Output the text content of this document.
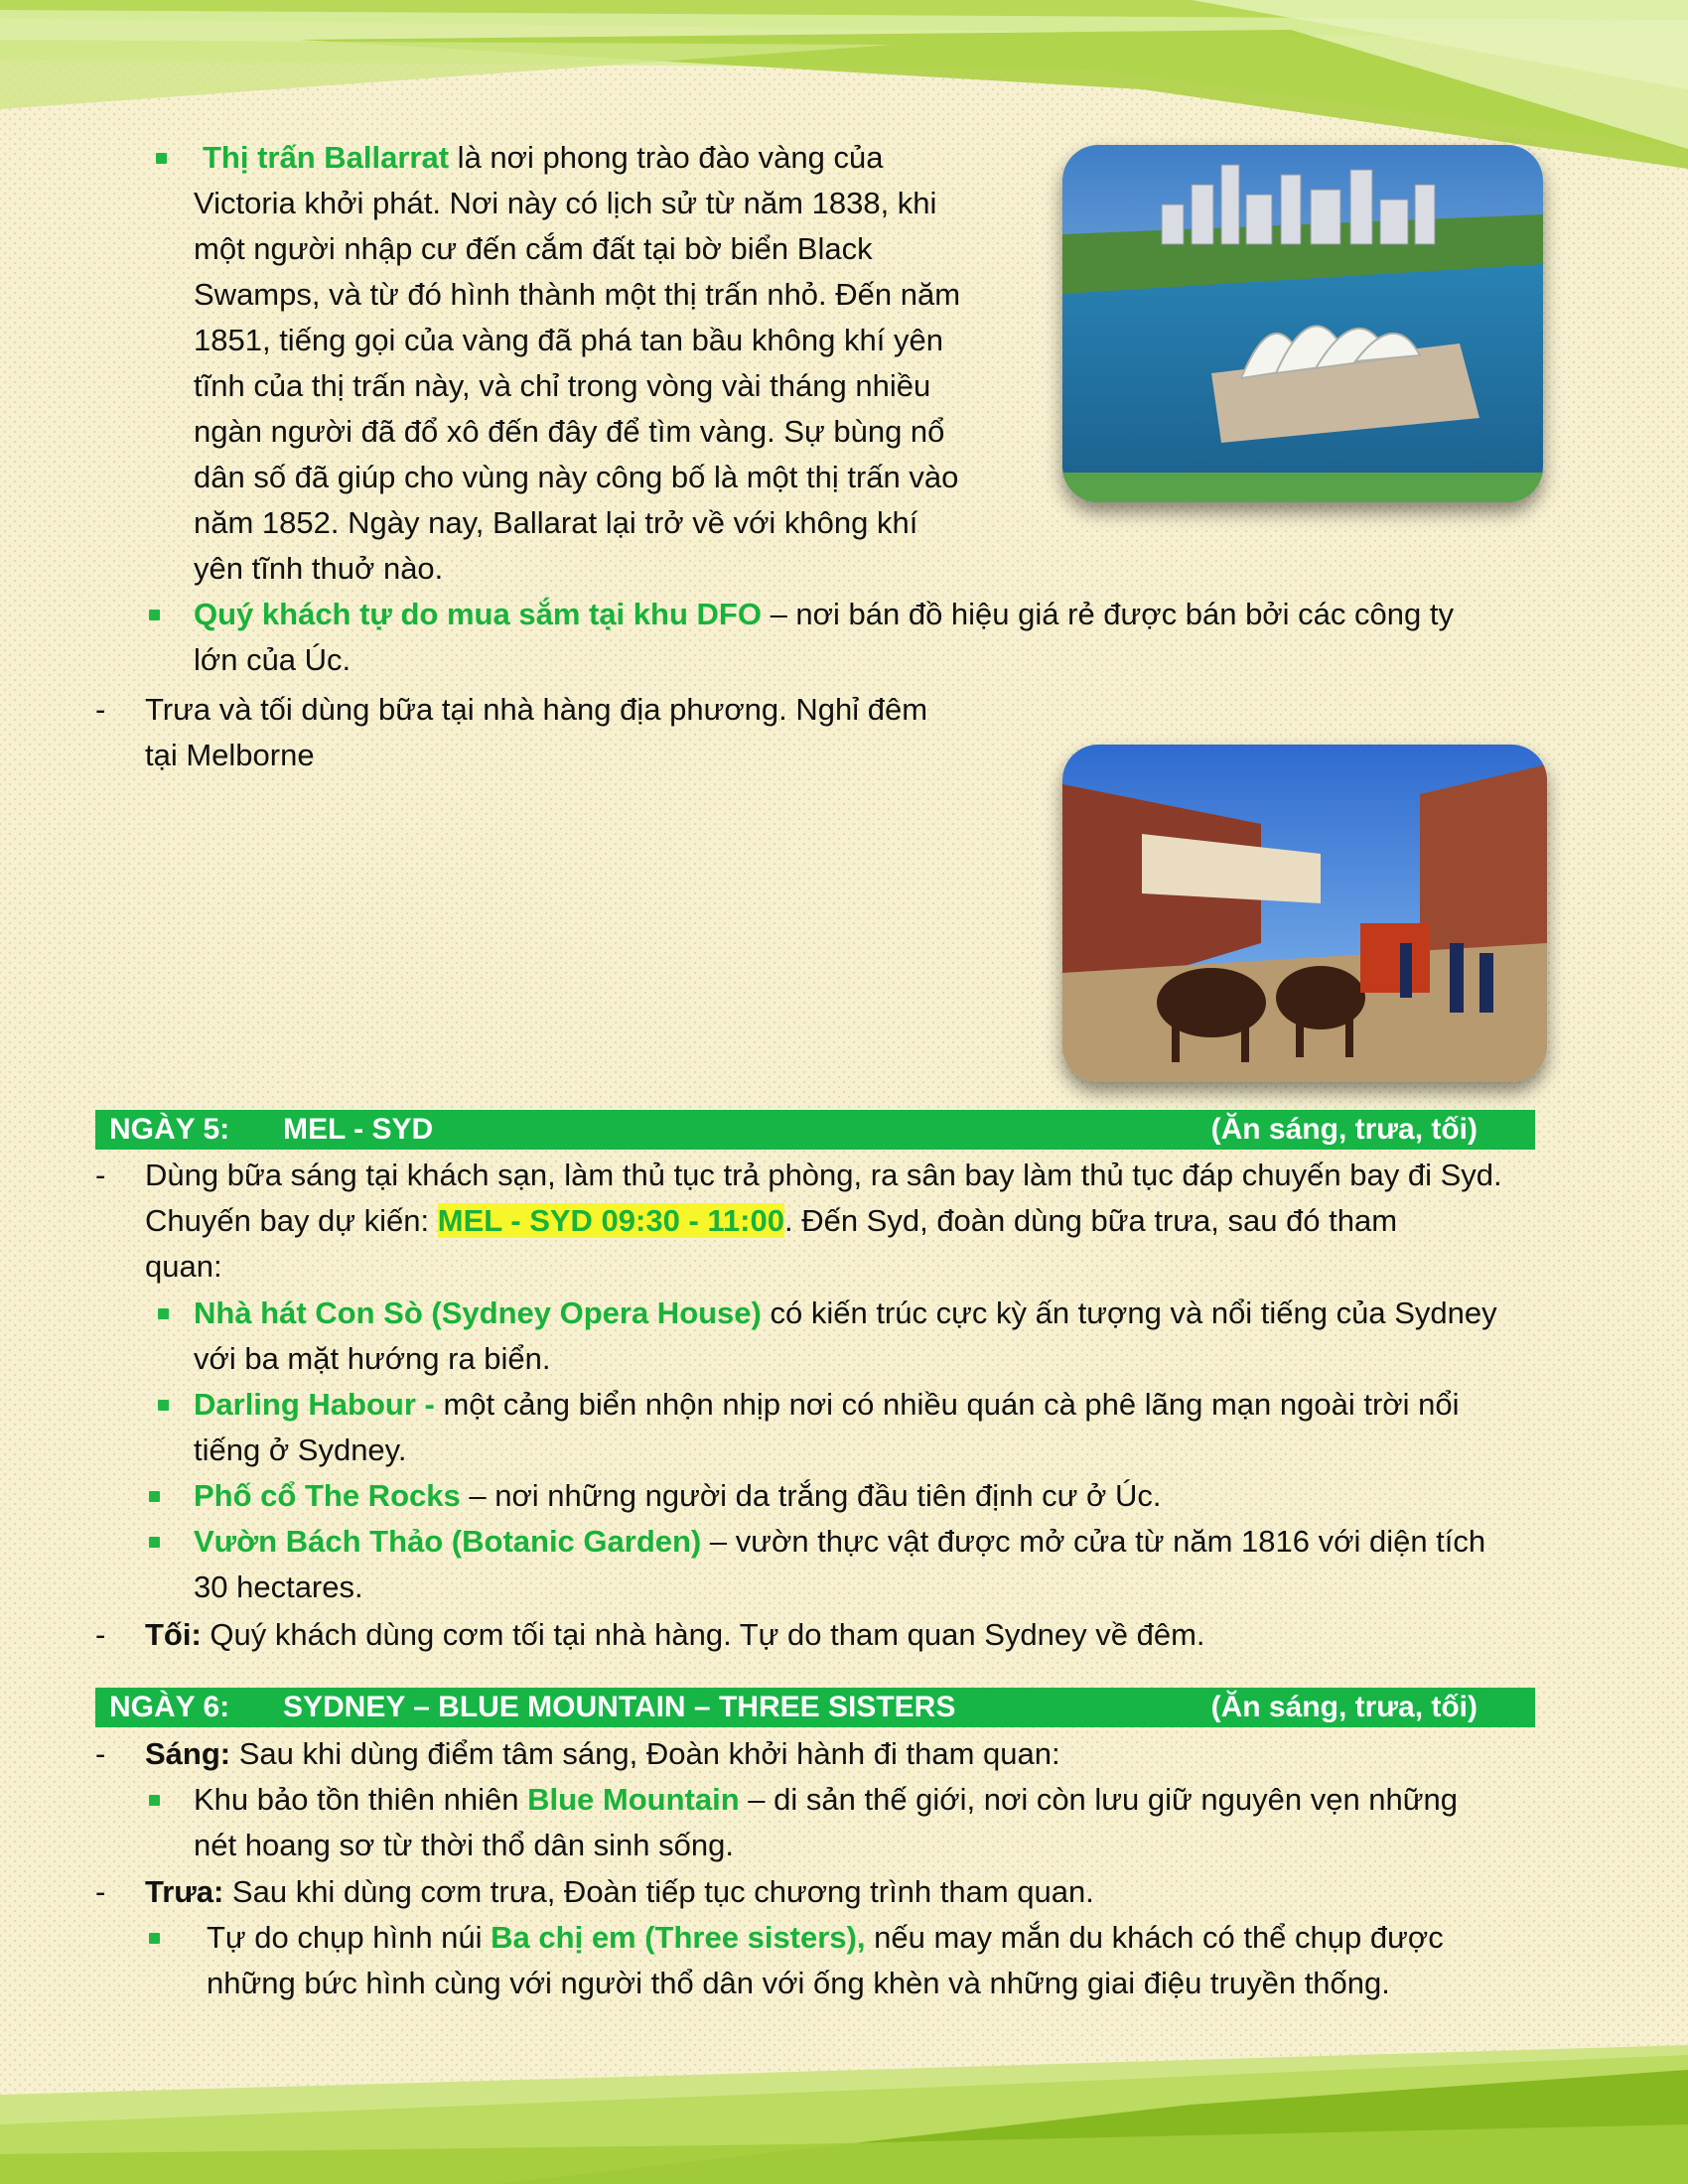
Thị trấn Ballarrat là nơi phong trào đào vàng của
Victoria khởi phát. Nơi này có lịch sử từ năm 1838, khi
một người nhập cư đến cắm đất tại bờ biển Black
Swamps, và từ đó hình thành một thị trấn nhỏ. Đến năm
1851, tiếng gọi của vàng đã phá tan bầu không khí yên
tĩnh của thị trấn này, và chỉ trong vòng vài tháng nhiều
ngàn người đã đổ xô đến đây để tìm vàng. Sự bùng nổ
dân số đã giúp cho vùng này công bố là một thị trấn vào
năm 1852. Ngày nay, Ballarat lại trở về với không khí
yên tĩnh thuở nào.
Quý khách tự do mua sắm tại khu DFO – nơi bán đồ hiệu giá rẻ được bán bởi các công ty
lớn của Úc.
- Trưa và tối dùng bữa tại nhà hàng địa phương. Nghỉ đêm
tại Melborne
NGÀY 5: MEL - SYD	(Ăn sáng, trưa, tối)
- Dùng bữa sáng tại khách sạn, làm thủ tục trả phòng, ra sân bay làm thủ tục đáp chuyến bay đi Syd.
Chuyến bay dự kiến: MEL - SYD 09:30 - 11:00. Đến Syd, đoàn dùng bữa trưa, sau đó tham
quan:
Nhà hát Con Sò (Sydney Opera House) có kiến trúc cực kỳ ấn tượng và nổi tiếng của Sydney
với ba mặt hướng ra biển.
Darling Habour - một cảng biển nhộn nhịp nơi có nhiều quán cà phê lãng mạn ngoài trời nổi
tiếng ở Sydney.
Phố cổ The Rocks – nơi những người da trắng đầu tiên định cư ở Úc.
Vườn Bách Thảo (Botanic Garden) – vườn thực vật được mở cửa từ năm 1816 với diện tích
30 hectares.
- Tối: Quý khách dùng cơm tối tại nhà hàng. Tự do tham quan Sydney về đêm.
NGÀY 6: SYDNEY – BLUE MOUNTAIN – THREE SISTERS	(Ăn sáng, trưa, tối)
- Sáng: Sau khi dùng điểm tâm sáng, Đoàn khởi hành đi tham quan:
Khu bảo tồn thiên nhiên Blue Mountain – di sản thế giới, nơi còn lưu giữ nguyên vẹn những
nét hoang sơ từ thời thổ dân sinh sống.
- Trưa: Sau khi dùng cơm trưa, Đoàn tiếp tục chương trình tham quan.
Tự do chụp hình núi Ba chị em (Three sisters), nếu may mắn du khách có thể chụp được
những bức hình cùng với người thổ dân với ống khèn và những giai điệu truyền thống.
